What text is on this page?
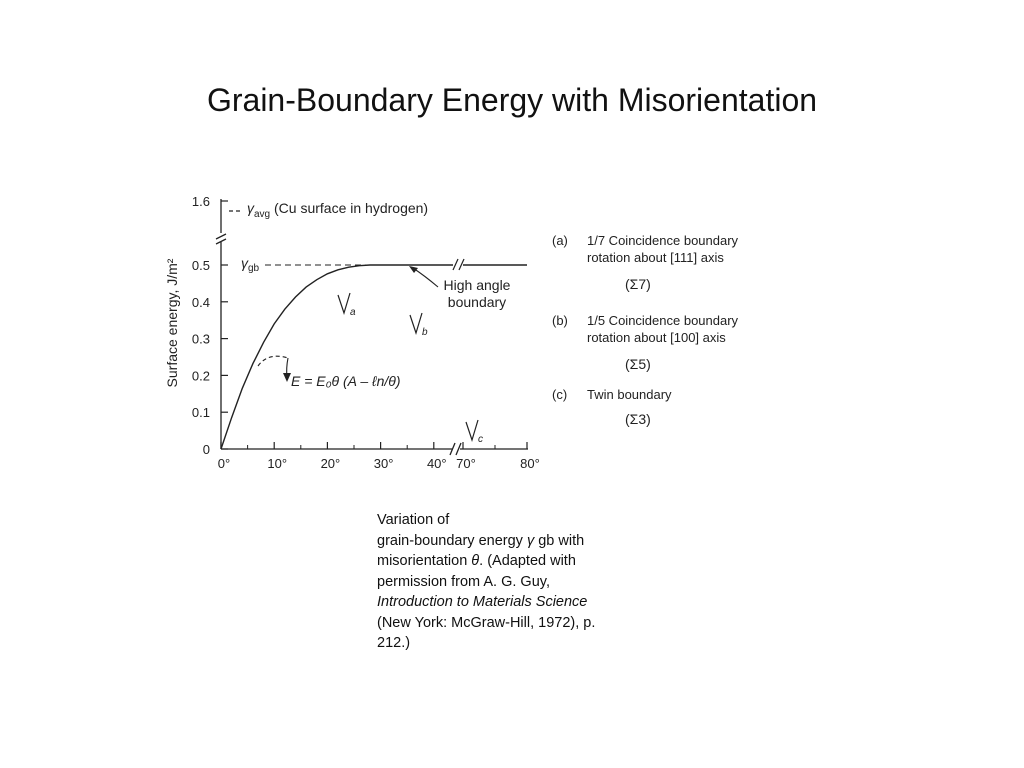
Grain-Boundary Energy with Misorientation
0
0.1
0.2
0.3
0.4
0.5
1.6
0°	10°	20°	30°	40° 70°	80°
Surface energy, J/m²
$\gamma_{avg}$ (Cu surface in hydrogen)
$\gamma_{gb}$
High angle
boundary
E = E₀θ (A – ℓn/θ)
a
b
c
(a) 1/7 Coincidence boundary
rotation about [111] axis
(Σ7)
(b) 1/5 Coincidence boundary
rotation about [100] axis
(Σ5)
(c) Twin boundary
(Σ3)
Variation of
grain-boundary energy γ gb with
misorientation θ. (Adapted with
permission from A. G. Guy,
Introduction to Materials Science
(New York: McGraw-Hill, 1972), p.
212.)
